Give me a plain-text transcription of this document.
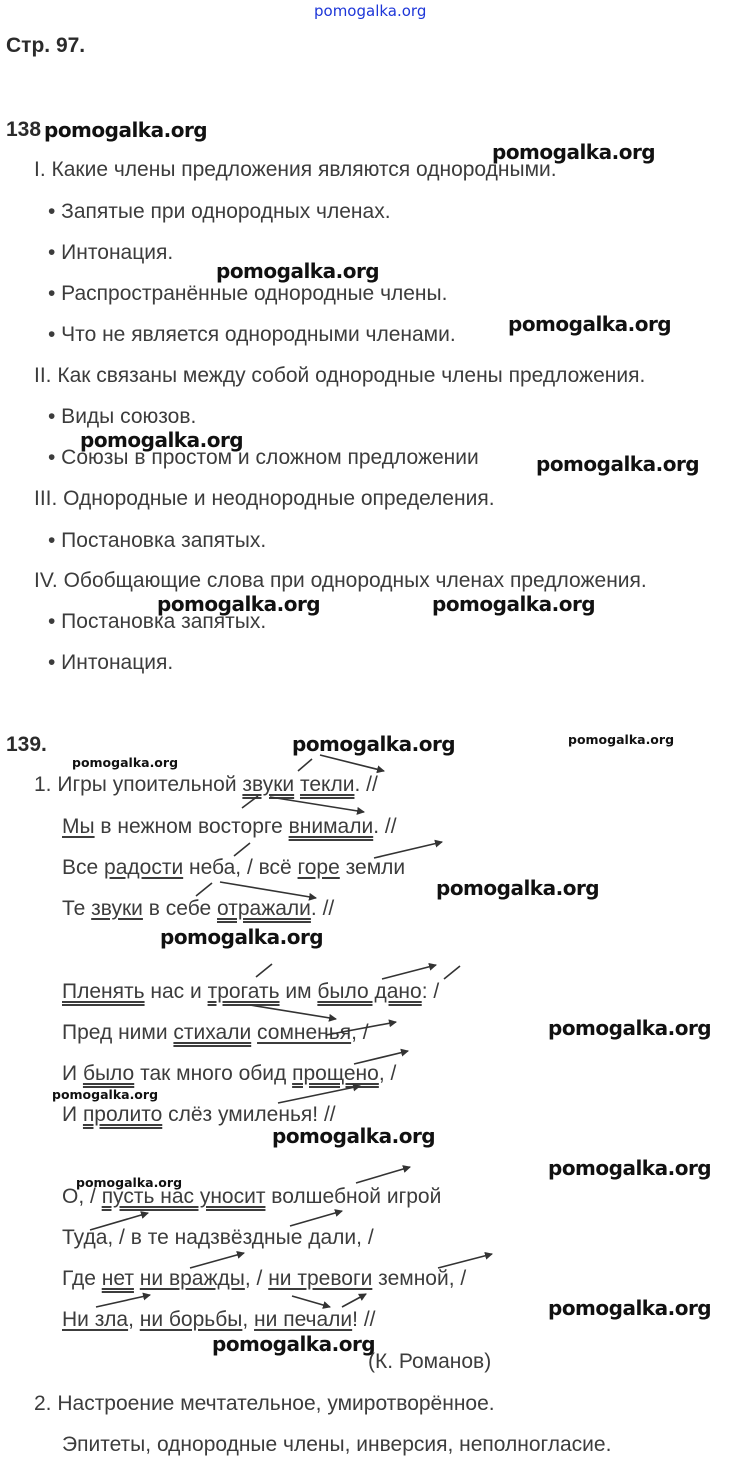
pomogalka.org
Стр. 97.
138 pomogalka.org
I. Какие члены предложения являются однородными.
• Запятые при однородных членах.
• Интонация.
• Распространённые однородные члены.
• Что не является однородными членами.
II. Как связаны между собой однородные члены предложения.
• Виды союзов.
• Союзы в простом и сложном предложении
III. Однородные и неоднородные определения.
• Постановка запятых.
IV. Обобщающие слова при однородных членах предложения.
• Постановка запятых.
• Интонация.
pomogalka.org
pomogalka.org
pomogalka.org
pomogalka.org
pomogalka.org
pomogalka.org	pomogalka.org
139.
pomogalka.org
pomogalka.org	pomogalka.org
1. Игры упоительной звуки текли. //
Мы в нежном восторге внимали. //
Все радости неба, / всё горе земли
Те звуки в себе отражали. //
pomogalka.org
pomogalka.org
Пленять нас и трогать им было дано: /
Пред ними стихали сомненья, /
И было так много обид прощено, /
И пролито слёз умиленья! //
pomogalka.org
pomogalka.org
pomogalka.org
pomogalka.org
pomogalka.org
О, / пусть нас уносит волшебной игрой
Туда, / в те надзвёздные дали, /
Где нет ни вражды, / ни тревоги земной, /
Ни зла, ни борьбы, ни печали! //	pomogalka.org
pomogalka.org
(К. Романов)
2. Настроение мечтательное, умиротворённое.
Эпитеты, однородные члены, инверсия, неполногласие.
